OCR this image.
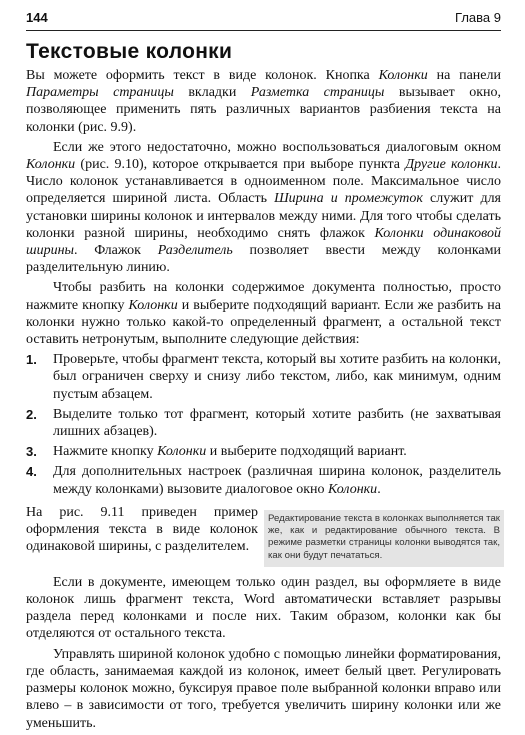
144	Глава 9
Текстовые колонки

Вы можете оформить текст в виде колонок. Кнопка Колонки на панели Параметры страницы вкладки Разметка страницы вызывает окно, позволяющее применить пять различных вариантов разбиения текста на колонки (рис. 9.9).

Если же этого недостаточно, можно воспользоваться диалоговым окном Колонки (рис. 9.10), которое открывается при выборе пункта Другие колонки. Число колонок устанавливается в одноименном поле. Максимальное число определяется шириной листа. Область Ширина и промежуток служит для установки ширины колонок и интервалов между ними. Для того чтобы сделать колонки разной ширины, необходимо снять флажок Колонки одинаковой ширины. Флажок Разделитель позволяет ввести между колонками разделительную линию.

Чтобы разбить на колонки содержимое документа полностью, просто нажмите кнопку Колонки и выберите подходящий вариант. Если же разбить на колонки нужно только какой-то определенный фрагмент, а остальной текст оставить нетронутым, выполните следующие действия:

1.	Проверьте, чтобы фрагмент текста, который вы хотите разбить на колонки, был ограничен сверху и снизу либо текстом, либо, как минимум, одним пустым абзацем.
2.	Выделите только тот фрагмент, который хотите разбить (не захватывая лишних абзацев).
3.	Нажмите кнопку Колонки и выберите подходящий вариант.
4.	Для дополнительных настроек (различная ширина колонок, разделитель между колонками) вызовите диалоговое окно Колонки.

На рис. 9.11 приведен пример оформления текста в виде колонок одинаковой ширины, с разделителем.

Редактирование текста в колонках выполняется так же, как и редактирование обычного текста. В режиме разметки страницы колонки выводятся так, как они будут печататься.

Если в документе, имеющем только один раздел, вы оформляете в виде колонок лишь фрагмент текста, Word автоматически вставляет разрывы раздела перед колонками и после них. Таким образом, колонки как бы отделяются от остального текста.

Управлять шириной колонок удобно с помощью линейки форматирования, где область, занимаемая каждой из колонок, имеет белый цвет. Регулировать размеры колонок можно, буксируя правое поле выбранной колонки вправо или влево – в зависимости от того, требуется увеличить ширину колонки или же уменьшить.
